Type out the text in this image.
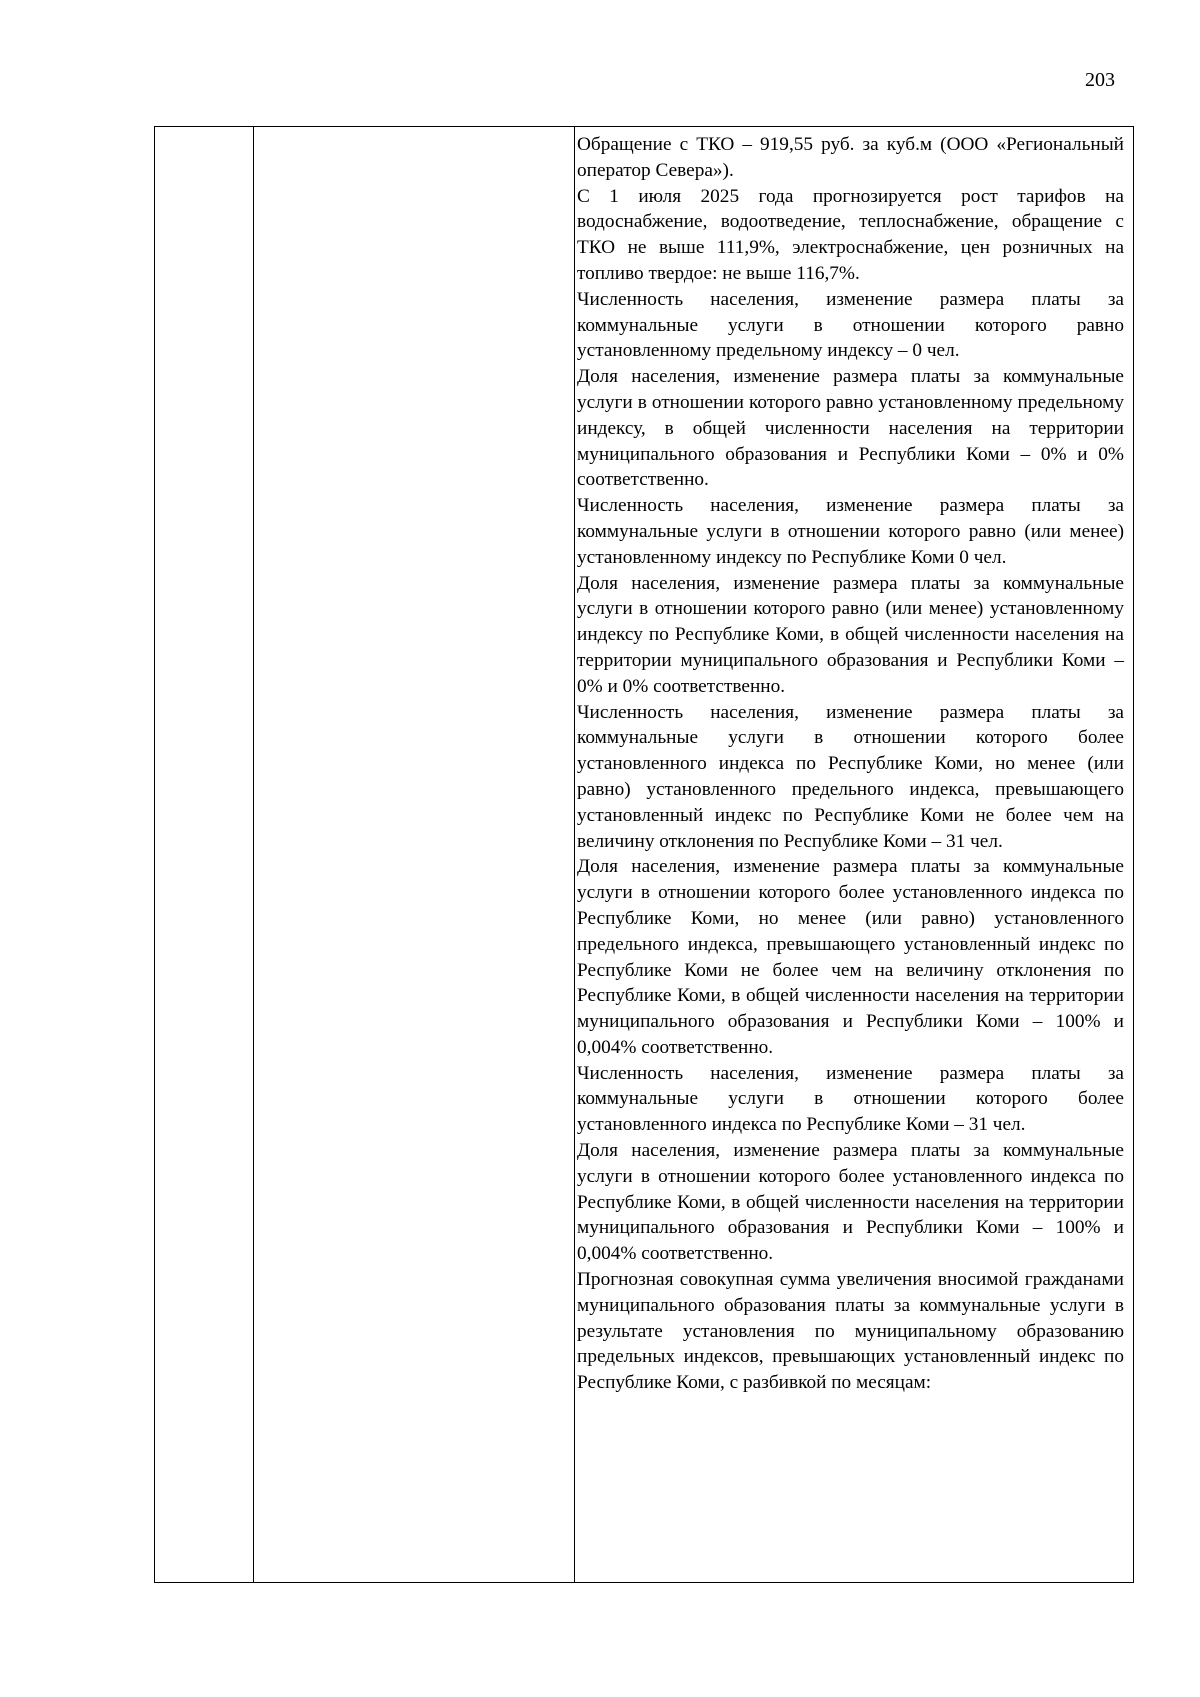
203

Обращение с ТКО – 919,55 руб. за куб.м (ООО «Региональный оператор Севера»).

С 1 июля 2025 года прогнозируется рост тарифов на водоснабжение, водоотведение, теплоснабжение, обращение с ТКО не выше 111,9%, электроснабжение, цен розничных на топливо твердое: не выше 116,7%.

Численность населения, изменение размера платы за коммунальные услуги в отношении которого равно установленному предельному индексу – 0 чел.

Доля населения, изменение размера платы за коммунальные услуги в отношении которого равно установленному предельному индексу, в общей численности населения на территории муниципального образования и Республики Коми – 0% и 0% соответственно.

Численность населения, изменение размера платы за коммунальные услуги в отношении которого равно (или менее) установленному индексу по Республике Коми 0 чел.

Доля населения, изменение размера платы за коммунальные услуги в отношении которого равно (или менее) установленному индексу по Республике Коми, в общей численности населения на территории муниципального образования и Республики Коми – 0% и 0% соответственно.

Численность населения, изменение размера платы за коммунальные услуги в отношении которого более установленного индекса по Республике Коми, но менее (или равно) установленного предельного индекса, превышающего установленный индекс по Республике Коми не более чем на величину отклонения по Республике Коми – 31 чел.

Доля населения, изменение размера платы за коммунальные услуги в отношении которого более установленного индекса по Республике Коми, но менее (или равно) установленного предельного индекса, превышающего установленный индекс по Республике Коми не более чем на величину отклонения по Республике Коми, в общей численности населения на территории муниципального образования и Республики Коми – 100% и 0,004% соответственно.

Численность населения, изменение размера платы за коммунальные услуги в отношении которого более установленного индекса по Республике Коми – 31 чел.

Доля населения, изменение размера платы за коммунальные услуги в отношении которого более установленного индекса по Республике Коми, в общей численности населения на территории муниципального образования и Республики Коми – 100% и 0,004% соответственно.

Прогнозная совокупная сумма увеличения вносимой гражданами муниципального образования платы за коммунальные услуги в результате установления по муниципальному образованию предельных индексов, превышающих установленный индекс по Республике Коми, с разбивкой по месяцам:
